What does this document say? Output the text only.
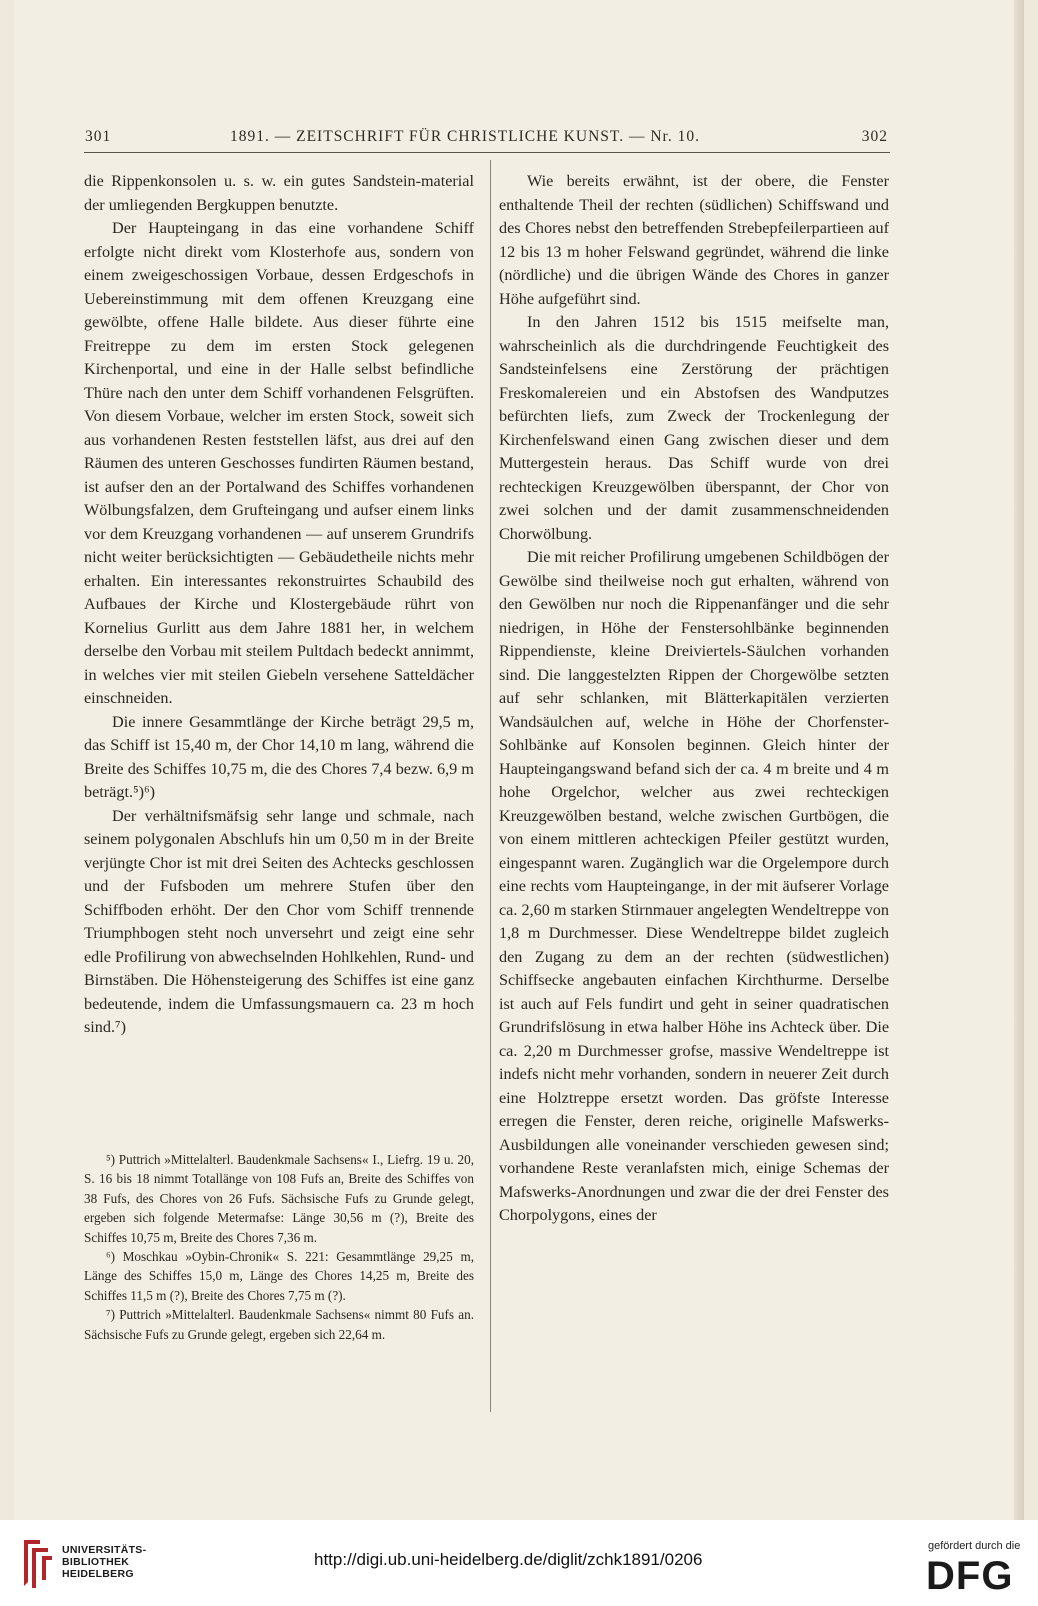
301	1891. — ZEITSCHRIFT FÜR CHRISTLICHE KUNST. — Nr. 10.	302

die Rippenkonsolen u. s. w. ein gutes Sandstein-material der umliegenden Bergkuppen benutzte.

Der Haupteingang in das eine vorhandene Schiff erfolgte nicht direkt vom Klosterhofe aus, sondern von einem zweigeschossigen Vorbaue, dessen Erdgeschofs in Uebereinstimmung mit dem offenen Kreuzgang eine gewölbte, offene Halle bildete. Aus dieser führte eine Freitreppe zu dem im ersten Stock gelegenen Kirchenportal, und eine in der Halle selbst befindliche Thüre nach den unter dem Schiff vorhandenen Felsgrüften. Von diesem Vorbaue, welcher im ersten Stock, soweit sich aus vorhandenen Resten feststellen läfst, aus drei auf den Räumen des unteren Geschosses fundirten Räumen bestand, ist aufser den an der Portalwand des Schiffes vorhandenen Wölbungsfalzen, dem Grufteingang und aufser einem links vor dem Kreuzgang vorhandenen — auf unserem Grundrifs nicht weiter berücksichtigten — Gebäudetheile nichts mehr erhalten. Ein interessantes rekonstruirtes Schaubild des Aufbaues der Kirche und Klostergebäude rührt von Kornelius Gurlitt aus dem Jahre 1881 her, in welchem derselbe den Vorbau mit steilem Pultdach bedeckt annimmt, in welches vier mit steilen Giebeln versehene Satteldächer einschneiden.

Die innere Gesammtlänge der Kirche beträgt 29,5 m, das Schiff ist 15,40 m, der Chor 14,10 m lang, während die Breite des Schiffes 10,75 m, die des Chores 7,4 bezw. 6,9 m beträgt.⁵)⁶)

Der verhältnifsmäfsig sehr lange und schmale, nach seinem polygonalen Abschlufs hin um 0,50 m in der Breite verjüngte Chor ist mit drei Seiten des Achtecks geschlossen und der Fufsboden um mehrere Stufen über den Schiffboden erhöht. Der den Chor vom Schiff trennende Triumphbogen steht noch unversehrt und zeigt eine sehr edle Profilirung von abwechselnden Hohlkehlen, Rund- und Birnstäben. Die Höhensteigerung des Schiffes ist eine ganz bedeutende, indem die Umfassungsmauern ca. 23 m hoch sind.⁷)

⁵) Puttrich »Mittelalterl. Baudenkmale Sachsens« I., Liefrg. 19 u. 20, S. 16 bis 18 nimmt Totallänge von 108 Fufs an, Breite des Schiffes von 38 Fufs, des Chores von 26 Fufs. Sächsische Fufs zu Grunde gelegt, ergeben sich folgende Metermafse: Länge 30,56 m (?), Breite des Schiffes 10,75 m, Breite des Chores 7,36 m.

⁶) Moschkau »Oybin-Chronik« S. 221: Gesammtlänge 29,25 m, Länge des Schiffes 15,0 m, Länge des Chores 14,25 m, Breite des Schiffes 11,5 m (?), Breite des Chores 7,75 m (?).

⁷) Puttrich »Mittelalterl. Baudenkmale Sachsens« nimmt 80 Fufs an. Sächsische Fufs zu Grunde gelegt, ergeben sich 22,64 m.

Wie bereits erwähnt, ist der obere, die Fenster enthaltende Theil der rechten (südlichen) Schiffswand und des Chores nebst den betreffenden Strebepfeilerpartieen auf 12 bis 13 m hoher Felswand gegründet, während die linke (nördliche) und die übrigen Wände des Chores in ganzer Höhe aufgeführt sind.

In den Jahren 1512 bis 1515 meifselte man, wahrscheinlich als die durchdringende Feuchtigkeit des Sandsteinfelsens eine Zerstörung der prächtigen Freskomalereien und ein Abstofsen des Wandputzes befürchten liefs, zum Zweck der Trockenlegung der Kirchenfelswand einen Gang zwischen dieser und dem Muttergestein heraus. Das Schiff wurde von drei rechteckigen Kreuzgewölben überspannt, der Chor von zwei solchen und der damit zusammenschneidenden Chorwölbung.

Die mit reicher Profilirung umgebenen Schildbögen der Gewölbe sind theilweise noch gut erhalten, während von den Gewölben nur noch die Rippenanfänger und die sehr niedrigen, in Höhe der Fenstersohlbänke beginnenden Rippendienste, kleine Dreiviertels-Säulchen vorhanden sind. Die langgestelzten Rippen der Chorgewölbe setzten auf sehr schlanken, mit Blätterkapitälen verzierten Wandsäulchen auf, welche in Höhe der Chorfenster-Sohlbänke auf Konsolen beginnen. Gleich hinter der Haupteingangswand befand sich der ca. 4 m breite und 4 m hohe Orgelchor, welcher aus zwei rechteckigen Kreuzgewölben bestand, welche zwischen Gurtbögen, die von einem mittleren achteckigen Pfeiler gestützt wurden, eingespannt waren. Zugänglich war die Orgelempore durch eine rechts vom Haupteingange, in der mit äufserer Vorlage ca. 2,60 m starken Stirnmauer angelegten Wendeltreppe von 1,8 m Durchmesser. Diese Wendeltreppe bildet zugleich den Zugang zu dem an der rechten (südwestlichen) Schiffsecke angebauten einfachen Kirchthurme. Derselbe ist auch auf Fels fundirt und geht in seiner quadratischen Grundrifslösung in etwa halber Höhe ins Achteck über. Die ca. 2,20 m Durchmesser grofse, massive Wendeltreppe ist indefs nicht mehr vorhanden, sondern in neuerer Zeit durch eine Holztreppe ersetzt worden. Das gröfste Interesse erregen die Fenster, deren reiche, originelle Mafswerks-Ausbildungen alle voneinander verschieden gewesen sind; vorhandene Reste veranlafsten mich, einige Schemas der Mafswerks-Anordnungen und zwar die der drei Fenster des Chorpolygons, eines der

UNIVERSITÄTS-
BIBLIOTHEK
HEIDELBERG
http://digi.ub.uni-heidelberg.de/diglit/zchk1891/0206
gefördert durch die
DFG
